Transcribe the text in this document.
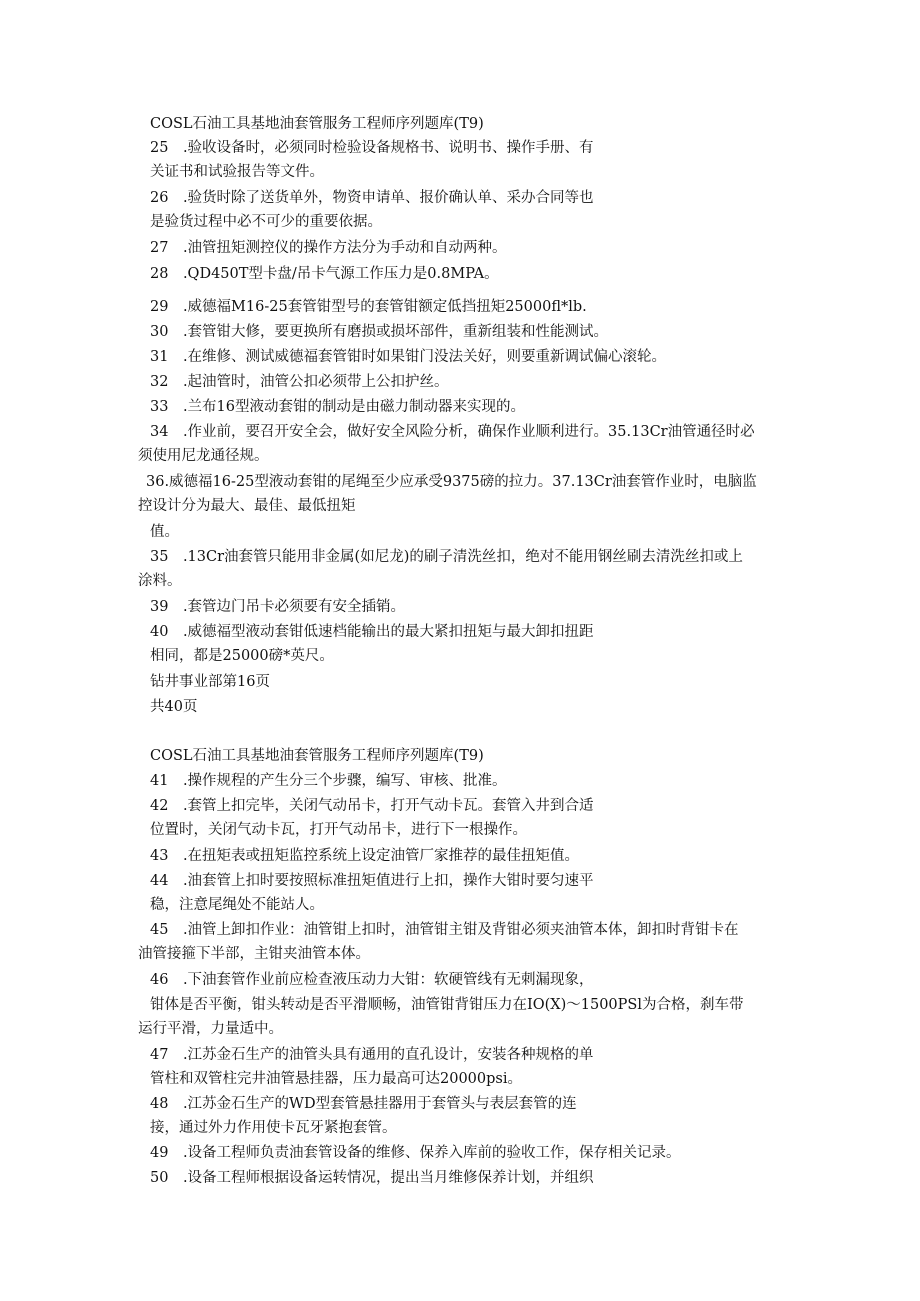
COSL石油工具基地油套管服务工程师序列题库(T9)
25　.验收设备时，必须同时检验设备规格书、说明书、操作手册、有
关证书和试验报告等文件。
26　.验货时除了送货单外，物资申请单、报价确认单、采办合同等也
是验货过程中必不可少的重要依据。
27　.油管扭矩测控仪的操作方法分为手动和自动两种。
28　.QD450T型卡盘/吊卡气源工作压力是0.8MPA。
29　.威德福M16-25套管钳型号的套管钳额定低挡扭矩25000fl*lb.
30　.套管钳大修，要更换所有磨损或损坏部件，重新组装和性能测试。
31　.在维修、测试威德福套管钳时如果钳门没法关好，则要重新调试偏心滚轮。
32　.起油管时，油管公扣必须带上公扣护丝。
33　.兰布16型液动套钳的制动是由磁力制动器来实现的。
34　.作业前，要召开安全会，做好安全风险分析，确保作业顺利进行。35.13Cr油管通径时必
须使用尼龙通径规。
36.威德福16-25型液动套钳的尾绳至少应承受9375磅的拉力。37.13Cr油套管作业时，电脑监
控设计分为最大、最佳、最低扭矩
值。
35　.13Cr油套管只能用非金属(如尼龙)的刷子清洗丝扣，绝对不能用钢丝刷去清洗丝扣或上
涂料。
39　.套管边门吊卡必须要有安全插销。
40　.威德福型液动套钳低速档能输出的最大紧扣扭矩与最大卸扣扭距
相同，都是25000磅*英尺。
钻井事业部第16页
共40页
COSL石油工具基地油套管服务工程师序列题库(T9)
41　.操作规程的产生分三个步骤，编写、审核、批准。
42　.套管上扣完毕，关闭气动吊卡，打开气动卡瓦。套管入井到合适
位置时，关闭气动卡瓦，打开气动吊卡，进行下一根操作。
43　.在扭矩表或扭矩监控系统上设定油管厂家推荐的最佳扭矩值。
44　.油套管上扣时要按照标准扭矩值进行上扣，操作大钳时要匀速平
稳，注意尾绳处不能站人。
45　.油管上卸扣作业：油管钳上扣时，油管钳主钳及背钳必须夹油管本体，卸扣时背钳卡在
油管接箍下半部，主钳夹油管本体。
46　.下油套管作业前应检查液压动力大钳：软硬管线有无刺漏现象，
钳体是否平衡，钳头转动是否平滑顺畅，油管钳背钳压力在IO(X)～1500PSl为合格，刹车带
运行平滑，力量适中。
47　.江苏金石生产的油管头具有通用的直孔设计，安装各种规格的单
管柱和双管柱完井油管悬挂器，压力最高可达20000psi。
48　.江苏金石生产的WD型套管悬挂器用于套管头与表层套管的连
接，通过外力作用使卡瓦牙紧抱套管。
49　.设备工程师负责油套管设备的维修、保养入库前的验收工作，保存相关记录。
50　.设备工程师根据设备运转情况，提出当月维修保养计划，并组织
